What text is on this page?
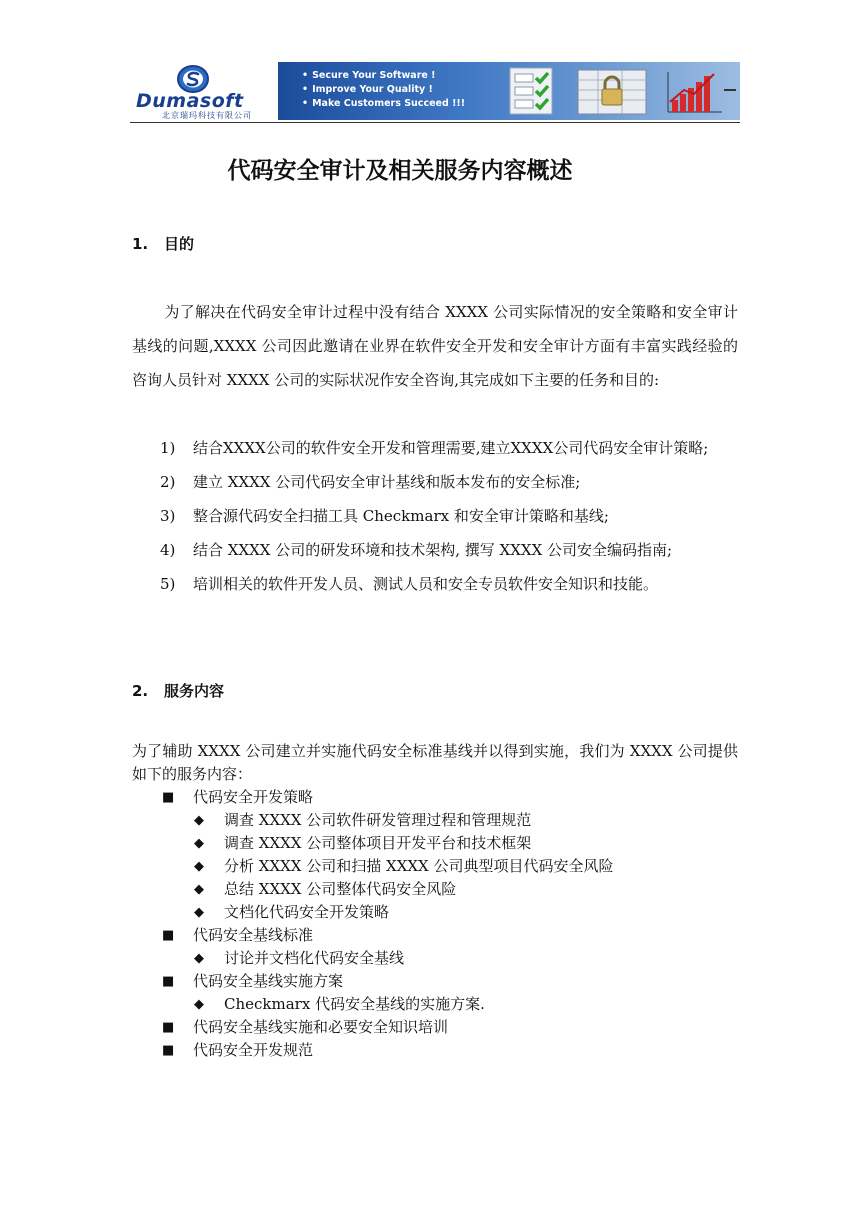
Dumasoft
北京瑞玛科技有限公司
• Secure Your Software !
• Improve Your Quality !
• Make Customers Succeed !!!
代码安全审计及相关服务内容概述
1. 目的
为了解决在代码安全审计过程中没有结合 XXXX 公司实际情况的安全策略和安全审计基线的问题,XXXX 公司因此邀请在业界在软件安全开发和安全审计方面有丰富实践经验的咨询人员针对 XXXX 公司的实际状况作安全咨询,其完成如下主要的任务和目的:
1) 结合XXXX公司的软件安全开发和管理需要,建立XXXX公司代码安全审计策略;
2) 建立 XXXX 公司代码安全审计基线和版本发布的安全标准;
3) 整合源代码安全扫描工具 Checkmarx 和安全审计策略和基线;
4) 结合 XXXX 公司的研发环境和技术架构, 撰写 XXXX 公司安全编码指南;
5) 培训相关的软件开发人员、测试人员和安全专员软件安全知识和技能。
2. 服务内容
为了辅助 XXXX 公司建立并实施代码安全标准基线并以得到实施，我们为 XXXX 公司提供如下的服务内容：
■ 代码安全开发策略
◆ 调查 XXXX 公司软件研发管理过程和管理规范
◆ 调查 XXXX 公司整体项目开发平台和技术框架
◆ 分析 XXXX 公司和扫描 XXXX 公司典型项目代码安全风险
◆ 总结 XXXX 公司整体代码安全风险
◆ 文档化代码安全开发策略
■ 代码安全基线标准
◆ 讨论并文档化代码安全基线
■ 代码安全基线实施方案
◆ Checkmarx 代码安全基线的实施方案.
■ 代码安全基线实施和必要安全知识培训
■ 代码安全开发规范
